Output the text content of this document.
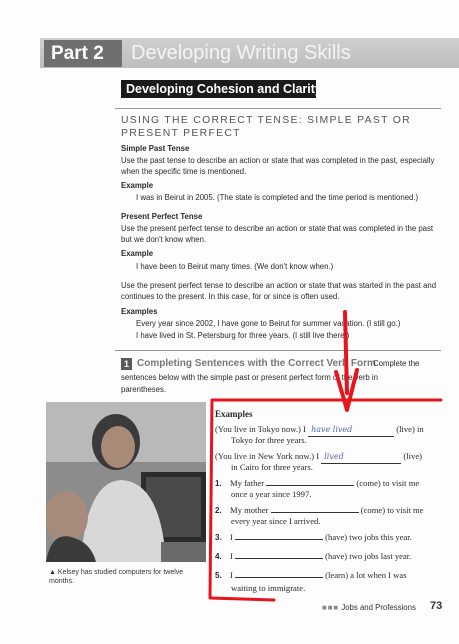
Part 2	Developing Writing Skills
Developing Cohesion and Clarity
USING THE CORRECT TENSE: SIMPLE PAST OR PRESENT PERFECT
Simple Past Tense
Use the past tense to describe an action or state that was completed in the past, especially when the specific time is mentioned.
Example
I was in Beirut in 2005. (The state is completed and the time period is mentioned.)
Present Perfect Tense
Use the present perfect tense to describe an action or state that was completed in the past but we don't know when.
Example
I have been to Beirut many times. (We don't know when.)
Use the present perfect tense to describe an action or state that was started in the past and continues to the present. In this case, for or since is often used.
Examples
Every year since 2002, I have gone to Beirut for summer vacation. (I still go.)
I have lived in St. Petersburg for three years. (I still live there.)
1 Completing Sentences with the Correct Verb Form
Complete the
sentences below with the simple past or present perfect form of the verb in
parentheses.
▲ Kelsey has studied computers for twelve months.
Examples
(You live in Tokyo now.) I have lived	(live) in
Tokyo for three years.
(You live in New York now.) I lived	(live)
in Cairo for three years.
1. My father	(come) to visit me
once a year since 1997.
2. My mother	(come) to visit me
every year since I arrived.
3. I	(have) two jobs this year.
4. I	(have) two jobs last year.
5. I	(learn) a lot when I was
waiting to immigrate.
■■■ Jobs and Professions 73
